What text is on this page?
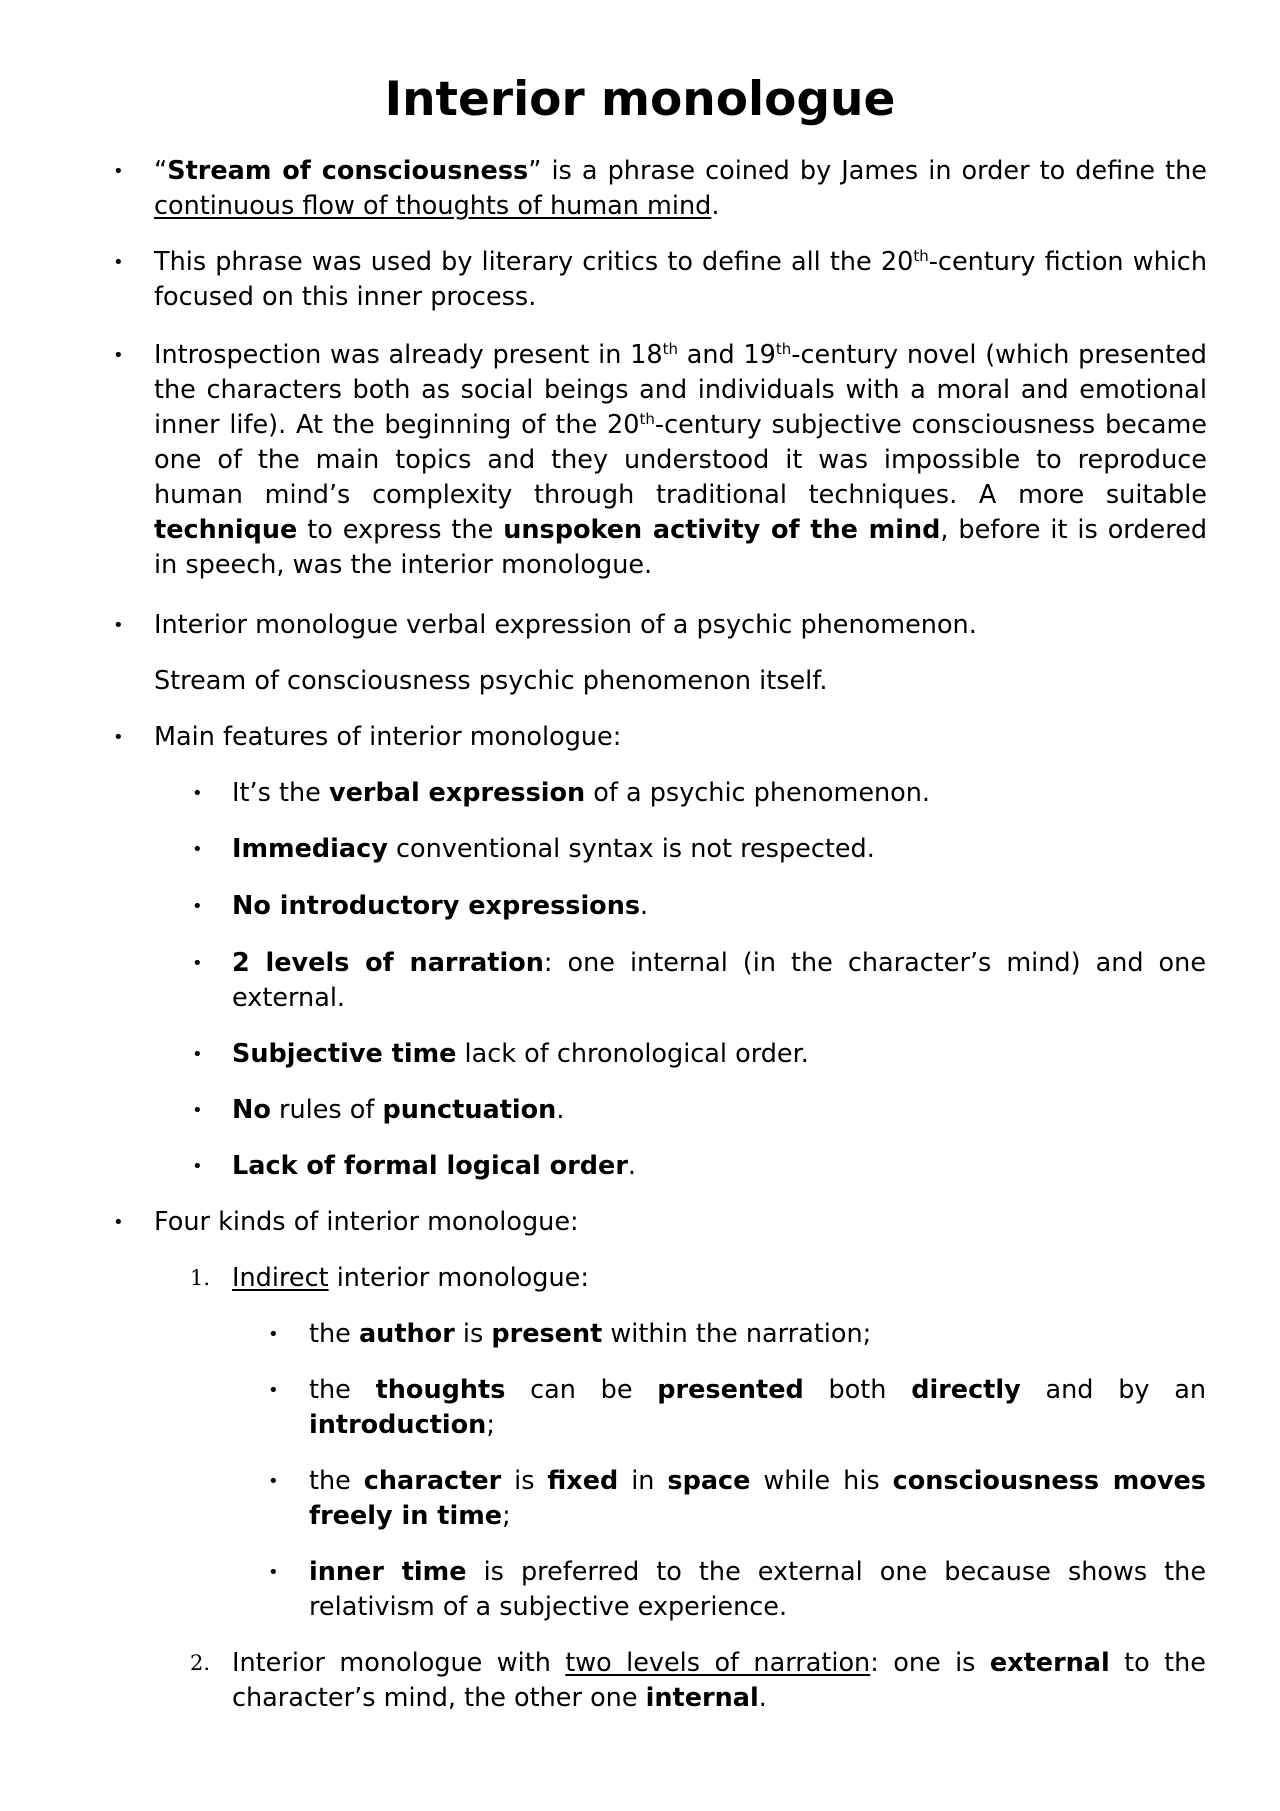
Interior monologue
• “Stream of consciousness” is a phrase coined by James in order to define the continuous flow of thoughts of human mind.
• This phrase was used by literary critics to define all the 20th-century fiction which focused on this inner process.
• Introspection was already present in 18th and 19th-century novel (which presented the characters both as social beings and individuals with a moral and emotional inner life). At the beginning of the 20th-century subjective consciousness became one of the main topics and they understood it was impossible to reproduce human mind’s complexity through traditional techniques. A more suitable technique to express the unspoken activity of the mind, before it is ordered in speech, was the interior monologue.
• Interior monologue verbal expression of a psychic phenomenon.
Stream of consciousness psychic phenomenon itself.
• Main features of interior monologue:
• It’s the verbal expression of a psychic phenomenon.
• Immediacy conventional syntax is not respected.
• No introductory expressions.
• 2 levels of narration: one internal (in the character’s mind) and one external.
• Subjective time lack of chronological order.
• No rules of punctuation.
• Lack of formal logical order.
• Four kinds of interior monologue:
1. Indirect interior monologue:
• the author is present within the narration;
• the thoughts can be presented both directly and by an introduction;
• the character is fixed in space while his consciousness moves freely in time;
• inner time is preferred to the external one because shows the relativism of a subjective experience.
2. Interior monologue with two levels of narration: one is external to the character’s mind, the other one internal.
